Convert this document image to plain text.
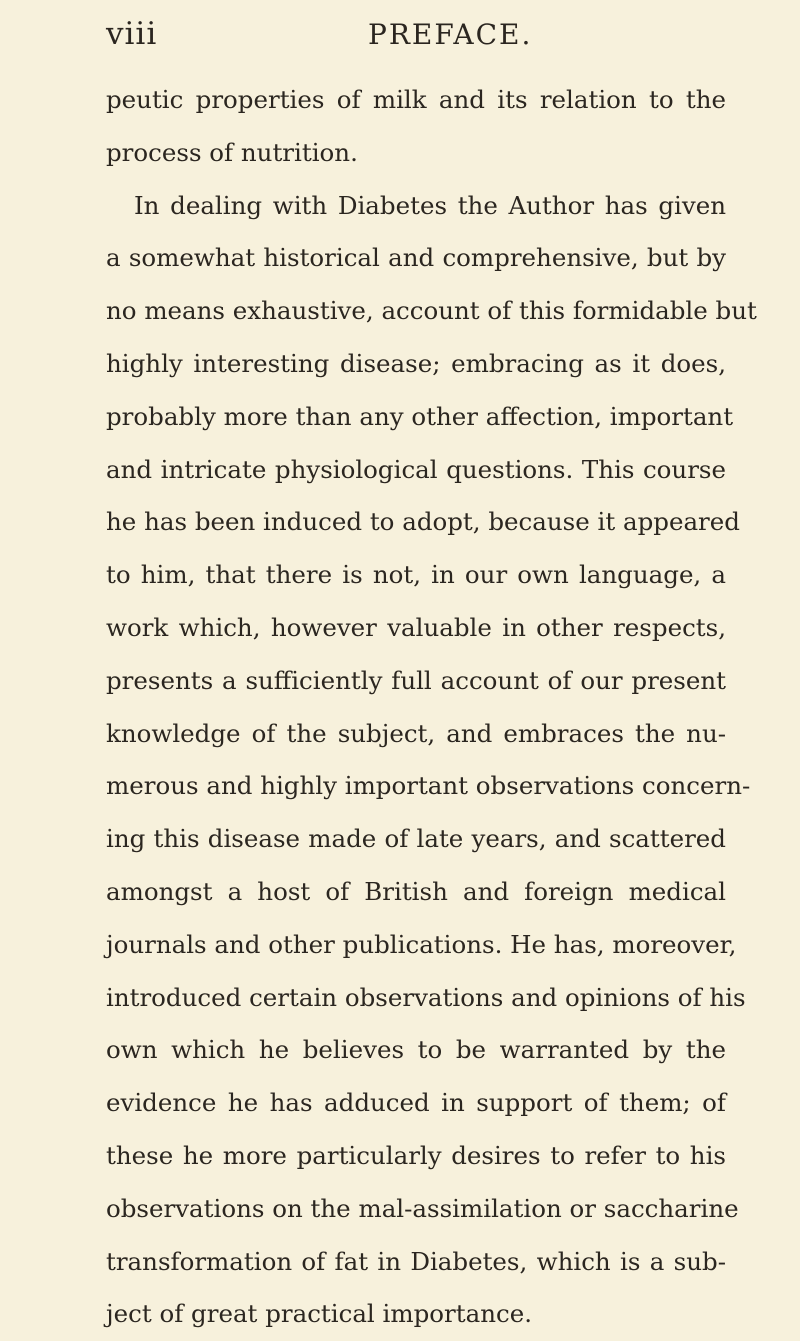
viii	PREFACE.
peutic properties of milk and its relation to the
process of nutrition.
In dealing with Diabetes the Author has given
a somewhat historical and comprehensive, but by
no means exhaustive, account of this formidable but
highly interesting disease; embracing as it does,
probably more than any other affection, important
and intricate physiological questions. This course
he has been induced to adopt, because it appeared
to him, that there is not, in our own language, a
work which, however valuable in other respects,
presents a sufficiently full account of our present
knowledge of the subject, and embraces the nu-
merous and highly important observations concern-
ing this disease made of late years, and scattered
amongst a host of British and foreign medical
journals and other publications. He has, moreover,
introduced certain observations and opinions of his
own which he believes to be warranted by the
evidence he has adduced in support of them; of
these he more particularly desires to refer to his
observations on the mal-assimilation or saccharine
transformation of fat in Diabetes, which is a sub-
ject of great practical importance.
